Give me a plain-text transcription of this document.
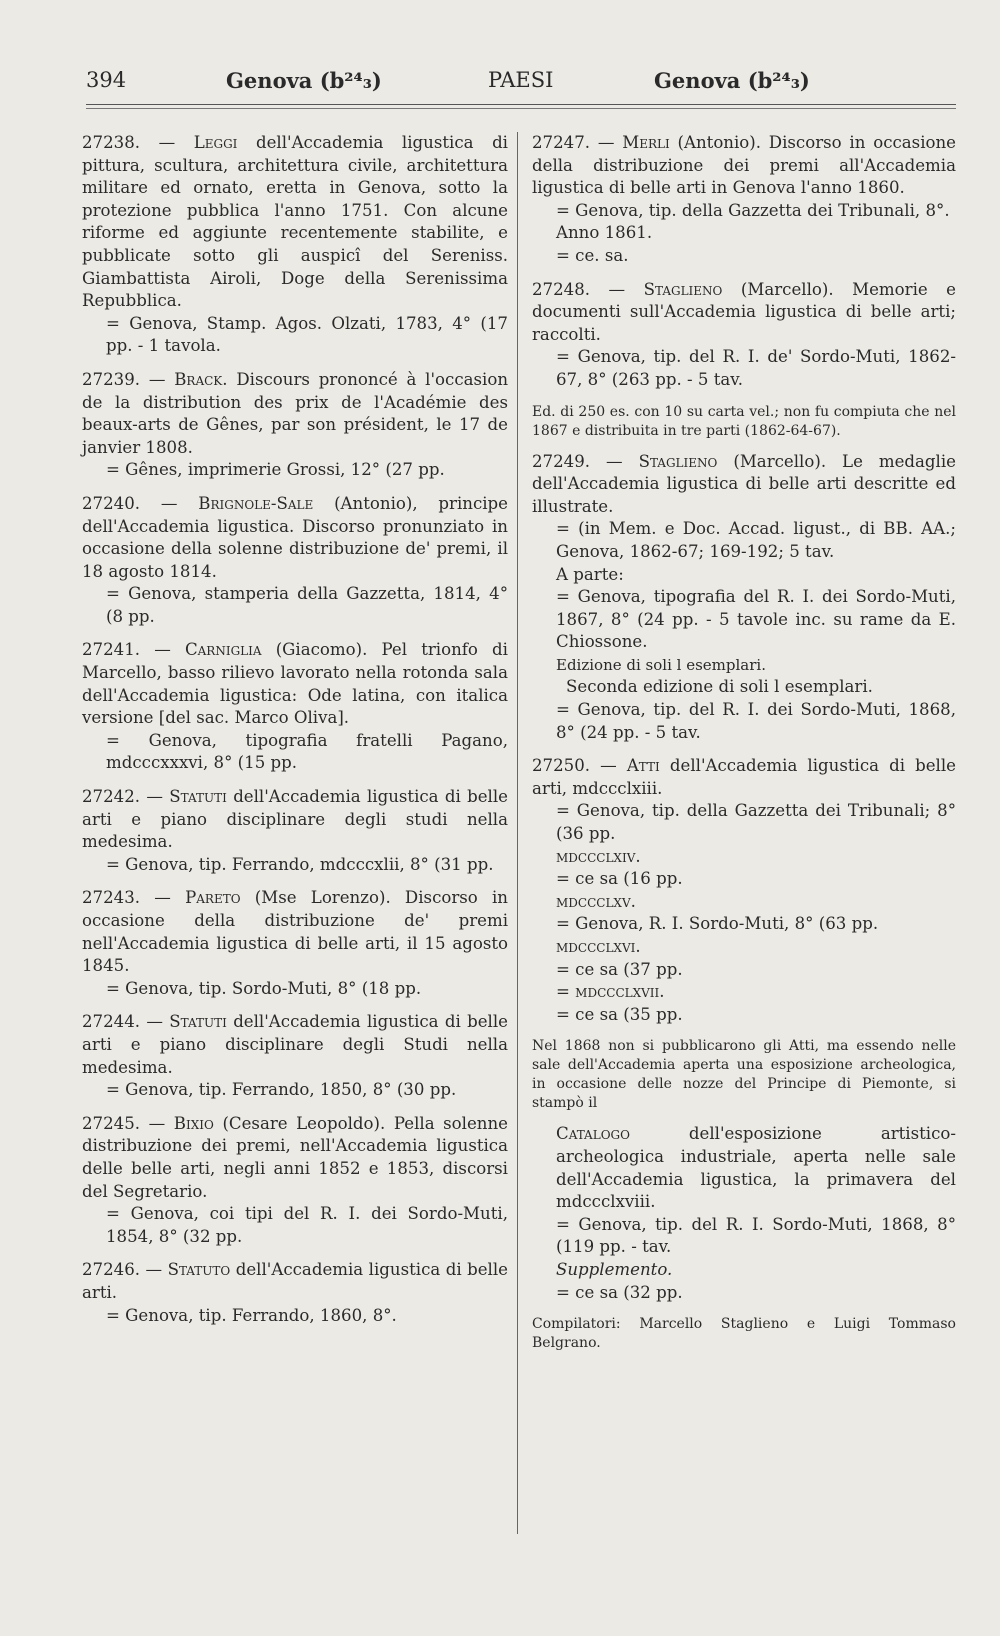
394	Genova (b²⁴₃)	PAESI	Genova (b²⁴₃)

27238. — Leggi dell'Accademia ligustica di pittura, scultura, architettura civile, architettura militare ed ornato, eretta in Genova, sotto la protezione pubblica l'anno 1751. Con alcune riforme ed aggiunte recentemente stabilite, e pubblicate sotto gli auspicî del Sereniss. Giambattista Airoli, Doge della Serenissima Repubblica.

= Genova, Stamp. Agos. Olzati, 1783, 4° (17 pp. - 1 tavola.

27239. — Brack. Discours prononcé à l'occasion de la distribution des prix de l'Académie des beaux-arts de Gênes, par son président, le 17 de janvier 1808.

= Gênes, imprimerie Grossi, 12° (27 pp.

27240. — Brignole-Sale (Antonio), principe dell'Accademia ligustica. Discorso pronunziato in occasione della solenne distribuzione de' premi, il 18 agosto 1814.

= Genova, stamperia della Gazzetta, 1814, 4° (8 pp.

27241. — Carniglia (Giacomo). Pel trionfo di Marcello, basso rilievo lavorato nella rotonda sala dell'Accademia ligustica: Ode latina, con italica versione [del sac. Marco Oliva].

= Genova, tipografia fratelli Pagano, mdcccxxxvi, 8° (15 pp.

27242. — Statuti dell'Accademia ligustica di belle arti e piano disciplinare degli studi nella medesima.

= Genova, tip. Ferrando, mdcccxlii, 8° (31 pp.

27243. — Pareto (Mse Lorenzo). Discorso in occasione della distribuzione de' premi nell'Accademia ligustica di belle arti, il 15 agosto 1845.

= Genova, tip. Sordo-Muti, 8° (18 pp.

27244. — Statuti dell'Accademia ligustica di belle arti e piano disciplinare degli Studi nella medesima.

= Genova, tip. Ferrando, 1850, 8° (30 pp.

27245. — Bixio (Cesare Leopoldo). Pella solenne distribuzione dei premi, nell'Accademia ligustica delle belle arti, negli anni 1852 e 1853, discorsi del Segretario.

= Genova, coi tipi del R. I. dei Sordo-Muti, 1854, 8° (32 pp.

27246. — Statuto dell'Accademia ligustica di belle arti.

= Genova, tip. Ferrando, 1860, 8°.

27247. — Merli (Antonio). Discorso in occasione della distribuzione dei premi all'Accademia ligustica di belle arti in Genova l'anno 1860.

= Genova, tip. della Gazzetta dei Tribunali, 8°.

Anno 1861.

= ce. sa.

27248. — Staglieno (Marcello). Memorie e documenti sull'Accademia ligustica di belle arti; raccolti.

= Genova, tip. del R. I. de' Sordo-Muti, 1862-67, 8° (263 pp. - 5 tav.

Ed. di 250 es. con 10 su carta vel.; non fu compiuta che nel 1867 e distribuita in tre parti (1862-64-67).

27249. — Staglieno (Marcello). Le medaglie dell'Accademia ligustica di belle arti descritte ed illustrate.

= (in Mem. e Doc. Accad. ligust., di BB. AA.; Genova, 1862-67; 169-192; 5 tav.

A parte:

= Genova, tipografia del R. I. dei Sordo-Muti, 1867, 8° (24 pp. - 5 tavole inc. su rame da E. Chiossone.

Edizione di soli l esemplari.

Seconda edizione di soli l esemplari.

= Genova, tip. del R. I. dei Sordo-Muti, 1868, 8° (24 pp. - 5 tav.

27250. — Atti dell'Accademia ligustica di belle arti, mdccclxiii.

= Genova, tip. della Gazzetta dei Tribunali; 8° (36 pp.

mdccclxiv.

= ce sa (16 pp.

mdccclxv.

= Genova, R. I. Sordo-Muti, 8° (63 pp.

mdccclxvi.

= ce sa (37 pp.

= mdccclxvii.

= ce sa (35 pp.

Nel 1868 non si pubblicarono gli Atti, ma essendo nelle sale dell'Accademia aperta una esposizione archeologica, in occasione delle nozze del Principe di Piemonte, si stampò il

Catalogo	dell'esposizione artistico-archeologica industriale, aperta nelle sale dell'Accademia ligustica, la primavera del mdccclxviii.

= Genova, tip. del R. I. Sordo-Muti, 1868, 8° (119 pp. - tav.

Supplemento.

= ce sa (32 pp.

Compilatori: Marcello Staglieno e Luigi Tommaso Belgrano.
